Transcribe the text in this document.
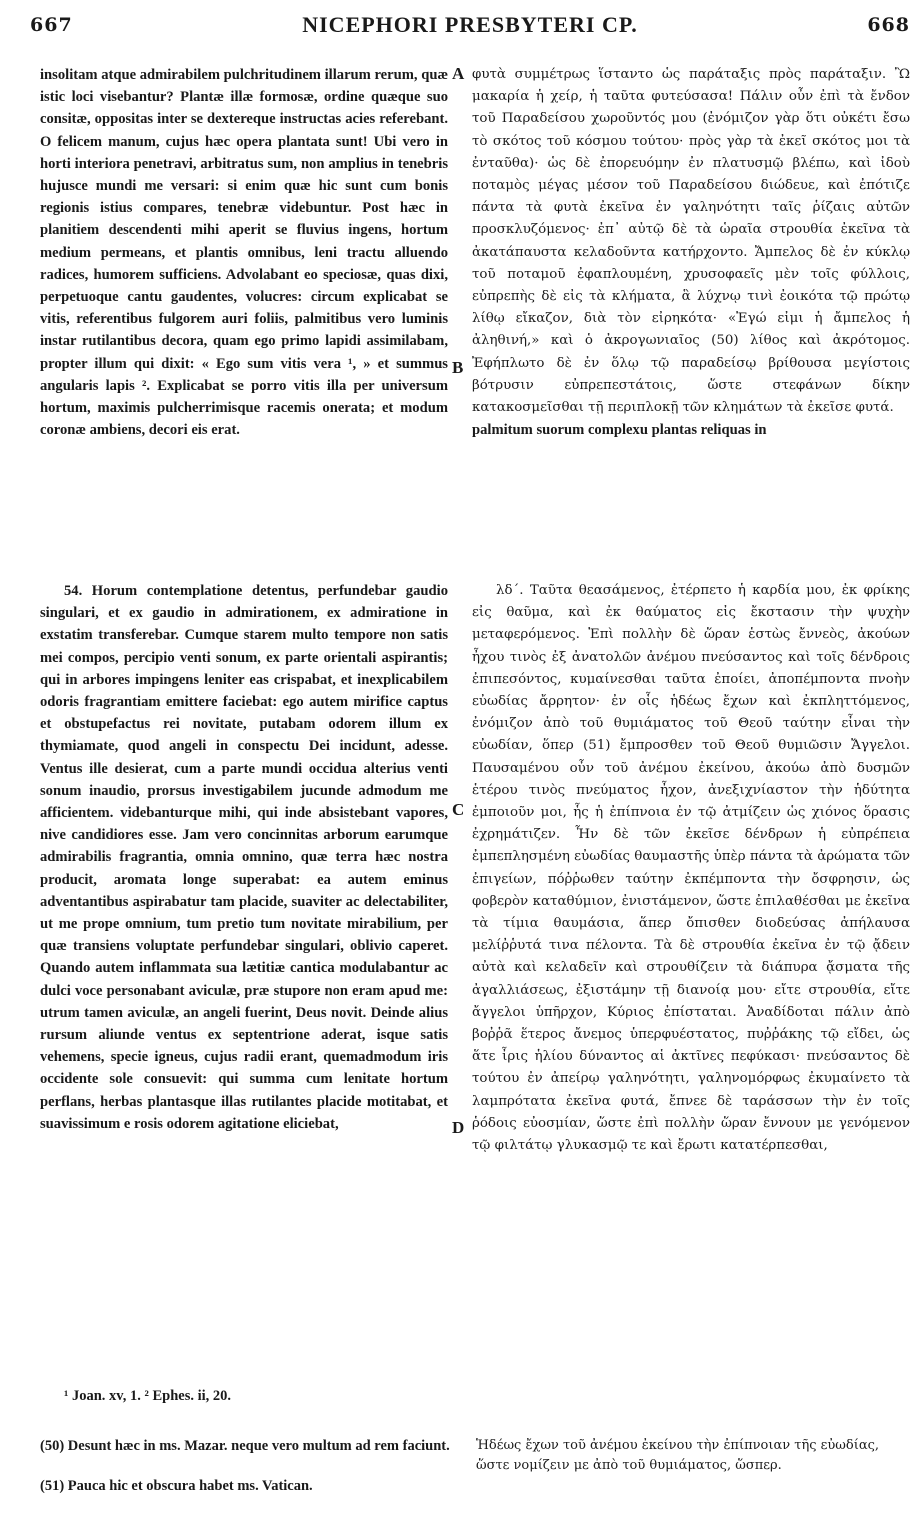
667	NICEPHORI PRESBYTERI CP.	668

insolitam atque admirabilem pulchritudinem illarum rerum, quæ istic loci visebantur? Plantæ illæ formosæ, ordine quæque suo consitæ, oppositas inter se dextereque instructas acies referebant. O felicem manum, cujus hæc opera plantata sunt! Ubi vero in horti interiora penetravi, arbitratus sum, non amplius in tenebris hujusce mundi me versari: si enim quæ hic sunt cum bonis regionis istius compares, tenebræ videbuntur. Post hæc in planitiem descendenti mihi aperit se fluvius ingens, hortum medium permeans, et plantis omnibus, leni tractu alluendo radices, humorem sufficiens. Advolabant eo speciosæ, quas dixi, perpetuoque cantu gaudentes, volucres: circum explicabat se vitis, referentibus fulgorem auri foliis, palmitibus vero luminis instar rutilantibus decora, quam ego primo lapidi assimilabam, propter illum qui dixit: « Ego sum vitis vera ¹, » et summus angularis lapis ². Explicabat se porro vitis illa per universum hortum, maximis pulcherrimisque racemis onerata; et modum coronæ ambiens, decori eis erat.

54. Horum contemplatione detentus, perfundebar gaudio singulari, et ex gaudio in admirationem, ex admiratione in exstatim transferebar. Cumque starem multo tempore non satis mei compos, percipio venti sonum, ex parte orientali aspirantis; qui in arbores impingens leniter eas crispabat, et inexplicabilem odoris fragrantiam emittere faciebat: ego autem mirifice captus et obstupefactus rei novitate, putabam odorem illum ex thymiamate, quod angeli in conspectu Dei incidunt, adesse. Ventus ille desierat, cum a parte mundi occidua alterius venti sonum inaudio, prorsus investigabilem jucunde admodum me afficientem. videbanturque mihi, qui inde absistebant vapores, nive candidiores esse. Jam vero concinnitas arborum earumque admirabilis fragrantia, omnia omnino, quæ terra hæc nostra producit, aromata longe superabat: ea autem eminus adventantibus aspirabatur tam placide, suaviter ac delectabiliter, ut me prope omnium, tum pretio tum novitate mirabilium, per quæ transiens voluptate perfundebar singulari, oblivio caperet. Quando autem inflammata sua lætitiæ cantica modulabantur ac dulci voce personabant aviculæ, præ stupore non eram apud me: utrum tamen aviculæ, an angeli fuerint, Deus novit. Deinde alius rursum aliunde ventus ex septentrione aderat, isque satis vehemens, specie igneus, cujus radii erant, quemadmodum iris occidente sole consuevit: qui summa cum lenitate hortum perflans, herbas plantasque illas rutilantes placide motitabat, et suavissimum e rosis odorem agitatione eliciebat,

φυτὰ συμμέτρως ἵσταντο ὡς παράταξις πρὸς παράταξιν. Ὢ μακαρία ἡ χείρ, ἡ ταῦτα φυτεύσασα! Πάλιν οὖν ἐπὶ τὰ ἔνδον τοῦ Παραδείσου χωροῦντός μου (ἐνόμιζον γὰρ ὅτι οὐκέτι ἔσω τὸ σκότος τοῦ κόσμου τούτου· πρὸς γὰρ τὰ ἐκεῖ σκότος μοι τὰ ἐνταῦθα)· ὡς δὲ ἐπορευόμην ἐν πλατυσμῷ βλέπω, καὶ ἰδοὺ ποταμὸς μέγας μέσον τοῦ Παραδείσου διώδευε, καὶ ἐπότιζε πάντα τὰ φυτὰ ἐκεῖνα ἐν γαληνότητι ταῖς ῥίζαις αὐτῶν προσκλυζόμενος· ἐπ᾽ αὐτῷ δὲ τὰ ὡραῖα στρουθία ἐκεῖνα τὰ ἀκατάπαυστα κελαδοῦντα κατήρχοντο. Ἄμπελος δὲ ἐν κύκλῳ τοῦ ποταμοῦ ἐφαπλουμένη, χρυσοφαεῖς μὲν τοῖς φύλλοις, εὐπρεπὴς δὲ εἰς τὰ κλήματα, ἃ λύχνῳ τινὶ ἐοικότα τῷ πρώτῳ λίθῳ εἴκαζον, διὰ τὸν εἰρηκότα· «Ἐγώ εἰμι ἡ ἄμπελος ἡ ἀληθινή,» καὶ ὁ ἀκρογωνιαῖος (50) λίθος καὶ ἀκρότομος. Ἐφήπλωτο δὲ ἐν ὅλῳ τῷ παραδείσῳ βρίθουσα μεγίστοις βότρυσιν εὐπρεπεστάτοις, ὥστε στεφάνων δίκην κατακοσμεῖσθαι τῇ περιπλοκῇ τῶν κλημάτων τὰ ἐκεῖσε φυτά.

palmitum suorum complexu plantas reliquas in

λδ΄. Ταῦτα θεασάμενος, ἐτέρπετο ἡ καρδία μου, ἐκ φρίκης εἰς θαῦμα, καὶ ἐκ θαύματος εἰς ἔκστασιν τὴν ψυχὴν μεταφερόμενος. Ἐπὶ πολλὴν δὲ ὥραν ἑστὼς ἔννεὸς, ἀκούων ἦχου τινὸς ἐξ ἀνατολῶν ἀνέμου πνεύσαντος καὶ τοῖς δένδροις ἐπιπεσόντος, κυμαίνεσθαι ταῦτα ἐποίει, ἀποπέμποντα πνοὴν εὐωδίας ἄρρητον· ἐν οἷς ἡδέως ἔχων καὶ ἐκπληττόμενος, ἐνόμιζον ἀπὸ τοῦ θυμιάματος τοῦ Θεοῦ ταύτην εἶναι τὴν εὐωδίαν, ὅπερ (51) ἔμπροσθεν τοῦ Θεοῦ θυμιῶσιν Ἄγγελοι. Παυσαμένου οὖν τοῦ ἀνέμου ἐκείνου, ἀκούω ἀπὸ δυσμῶν ἑτέρου τινὸς πνεύματος ἦχον, ἀνεξιχνίαστον τὴν ἡδύτητα ἐμποιοῦν μοι, ἧς ἡ ἐπίπνοια ἐν τῷ ἀτμίζειν ὡς χιόνος ὅρασις ἐχρημάτιζεν. Ἦν δὲ τῶν ἐκεῖσε δένδρων ἡ εὐπρέπεια ἐμπεπλησμένη εὐωδίας θαυμαστῆς ὑπὲρ πάντα τὰ ἀρώματα τῶν ἐπιγείων, πόῤῥωθεν ταύτην ἐκπέμποντα τὴν ὄσφρησιν, ὡς φοβερὸν καταθύμιον, ἐνιστάμενον, ὥστε ἐπιλαθέσθαι με ἐκεῖνα τὰ τίμια θαυμάσια, ἅπερ ὄπισθεν διοδεύσας ἀπήλαυσα μελίῤῥυτά τινα πέλοντα. Τὰ δὲ στρουθία ἐκεῖνα ἐν τῷ ᾄδειν αὐτὰ καὶ κελαδεῖν καὶ στρουθίζειν τὰ διάπυρα ᾄσματα τῆς ἀγαλλιάσεως, ἐξιστάμην τῇ διανοίᾳ μου· εἴτε στρουθία, εἴτε ἄγγελοι ὑπῆρχον, Κύριος ἐπίσταται. Ἀναδίδοται πάλιν ἀπὸ βοῤῥᾶ ἕτερος ἄνεμος ὑπερφυέστατος, πυῤῥάκης τῷ εἴδει, ὡς ἅτε ἶρις ἡλίου δύναντος αἱ ἀκτῖνες πεφύκασι· πνεύσαντος δὲ τούτου ἐν ἀπείρῳ γαληνότητι, γαληνομόρφως ἐκυμαίνετο τὰ λαμπρότατα ἐκεῖνα φυτά, ἔπνεε δὲ ταράσσων τὴν ἐν τοῖς ῥόδοις εὐοσμίαν, ὥστε ἐπὶ πολλὴν ὥραν ἔννουν με γενόμενον τῷ φιλτάτῳ γλυκασμῷ τε καὶ ἔρωτι κατατέρπεσθαι,

A
B
C
D
¹ Joan. xv, 1. ² Ephes. ii, 20.
(50) Desunt hæc in ms. Mazar. neque vero multum ad rem faciunt.
(51) Pauca hic et obscura habet ms. Vatican.
Ἡδέως ἔχων τοῦ ἀνέμου ἐκείνου τὴν ἐπίπνοιαν τῆς εὐωδίας, ὥστε νομίζειν με ἀπὸ τοῦ θυμιάματος, ὥσπερ.
